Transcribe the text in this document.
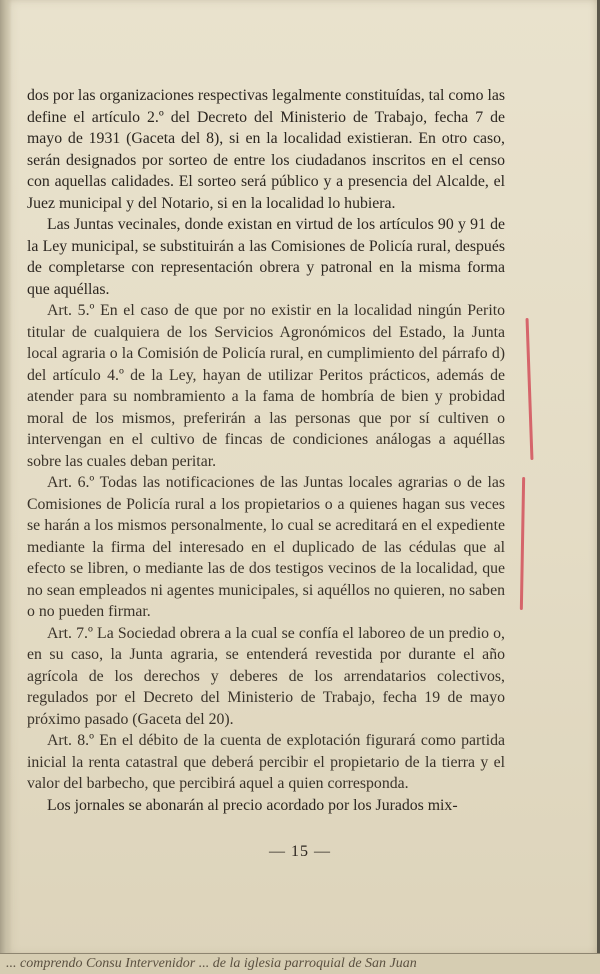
dos por las organizaciones respectivas legalmente constituídas, tal como las define el artículo 2.º del Decreto del Ministerio de Trabajo, fecha 7 de mayo de 1931 (Gaceta del 8), si en la localidad existieran. En otro caso, serán designados por sorteo de entre los ciudadanos inscritos en el censo con aquellas calidades. El sorteo será público y a presencia del Alcalde, el Juez municipal y del Notario, si en la localidad lo hubiera.

Las Juntas vecinales, donde existan en virtud de los artículos 90 y 91 de la Ley municipal, se substituirán a las Comisiones de Policía rural, después de completarse con representación obrera y patronal en la misma forma que aquéllas.

Art. 5.º En el caso de que por no existir en la localidad ningún Perito titular de cualquiera de los Servicios Agronómicos del Estado, la Junta local agraria o la Comisión de Policía rural, en cumplimiento del párrafo d) del artículo 4.º de la Ley, hayan de utilizar Peritos prácticos, además de atender para su nombramiento a la fama de hombría de bien y probidad moral de los mismos, preferirán a las personas que por sí cultiven o intervengan en el cultivo de fincas de condiciones análogas a aquéllas sobre las cuales deban peritar.

Art. 6.º Todas las notificaciones de las Juntas locales agrarias o de las Comisiones de Policía rural a los propietarios o a quienes hagan sus veces se harán a los mismos personalmente, lo cual se acreditará en el expediente mediante la firma del interesado en el duplicado de las cédulas que al efecto se libren, o mediante las de dos testigos vecinos de la localidad, que no sean empleados ni agentes municipales, si aquéllos no quieren, no saben o no pueden firmar.

Art. 7.º La Sociedad obrera a la cual se confía el laboreo de un predio o, en su caso, la Junta agraria, se entenderá revestida por durante el año agrícola de los derechos y deberes de los arrendatarios colectivos, regulados por el Decreto del Ministerio de Trabajo, fecha 19 de mayo próximo pasado (Gaceta del 20).

Art. 8.º En el débito de la cuenta de explotación figurará como partida inicial la renta catastral que deberá percibir el propietario de la tierra y el valor del barbecho, que percibirá aquel a quien corresponda.

Los jornales se abonarán al precio acordado por los Jurados mix-

— 15 —
... comprendo Consu Intervenidor ... de la iglesia parroquial de San Juan
